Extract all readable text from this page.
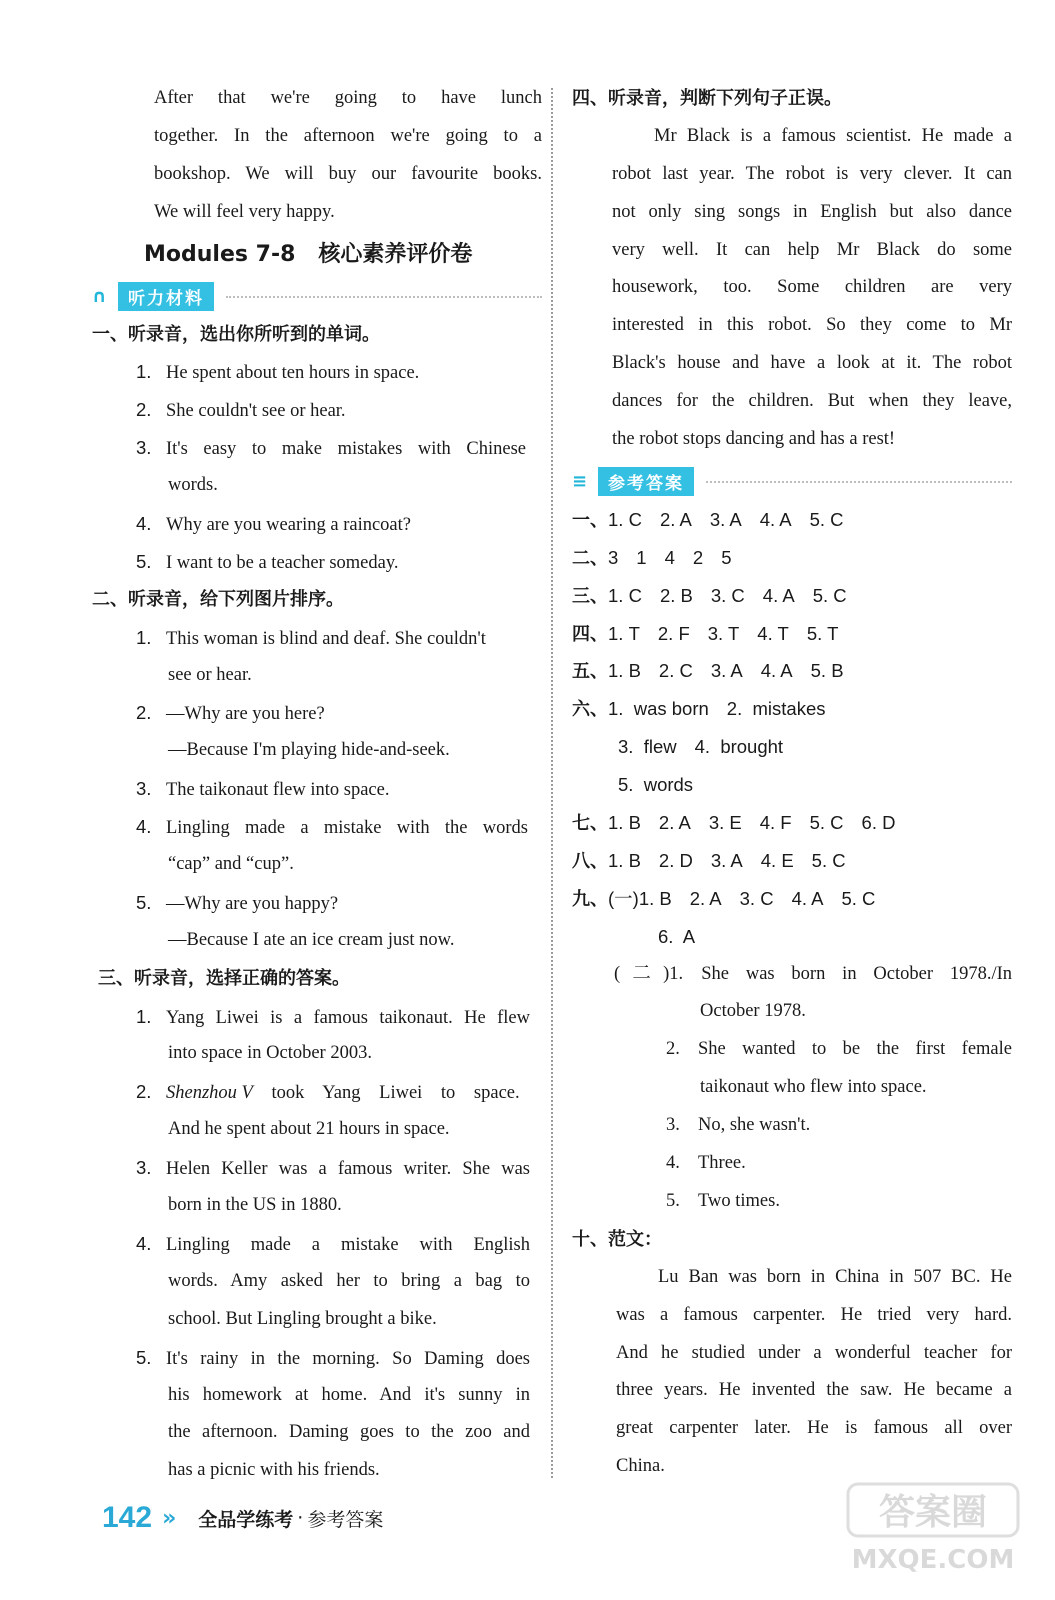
After that we're going to have lunch
together. In the afternoon we're going to a
bookshop. We will buy our favourite books.
We will feel very happy.
Modules 7-8   核心素养评价卷
∩	听力材料
一、听录音，选出你所听到的单词。
1. He spent about ten hours in space.
2. She couldn't see or hear.
3. It's easy to make mistakes with Chinese
words.
4. Why are you wearing a raincoat?
5. I want to be a teacher someday.
二、听录音，给下列图片排序。
1. This woman is blind and deaf. She couldn't
see or hear.
2. —Why are you here?
—Because I'm playing hide-and-seek.
3. The taikonaut flew into space.
4. Lingling made a mistake with the words
“cap” and “cup”.
5. —Why are you happy?
—Because I ate an ice cream just now.
三、听录音，选择正确的答案。
1. Yang Liwei is a famous taikonaut. He flew
into space in October 2003.
2. Shenzhou V took Yang Liwei to space.
And he spent about 21 hours in space.
3. Helen Keller was a famous writer. She was
born in the US in 1880.
4. Lingling made a mistake with English
words. Amy asked her to bring a bag to
school. But Lingling brought a bike.
5. It's rainy in the morning. So Daming does
his homework at home. And it's sunny in
the afternoon. Daming goes to the zoo and
has a picnic with his friends.
四、听录音，判断下列句子正误。
Mr Black is a famous scientist. He made a
robot last year. The robot is very clever. It can
not only sing songs in English but also dance
very well. It can help Mr Black do some
housework, too. Some children are very
interested in this robot. So they come to Mr
Black's house and have a look at it. The robot
dances for the children. But when they leave,
the robot stops dancing and has a rest!
≡	参考答案
一、1. C 2. A 3. A 4. A 5. C
二、3 1 4 2 5
三、1. C 2. B 3. C 4. A 5. C
四、1. T 2. F 3. T 4. T 5. T
五、1. B 2. C 3. A 4. A 5. B
六、1.  was born 2.  mistakes
3.  flew 4.  brought
5.  words
七、1. B 2. A 3. E 4. F 5. C 6. D
八、1. B 2. D 3. A 4. E 5. C
九、(一)1. B 2. A 3. C 4. A 5. C
6.  A
(二)1. She was born in October 1978./In
October 1978.
2. She wanted to be the first female
taikonaut who flew into space.
3. No, she wasn't.
4. Three.
5. Two times.
十、范文：
Lu Ban was born in China in 507 BC. He
was a famous carpenter. He tried very hard.
And he studied under a wonderful teacher for
three years. He invented the saw. He became a
great carpenter later. He is famous all over
China.
142 » 全品学练考 · 参考答案	答案圈
MXQE.COM
